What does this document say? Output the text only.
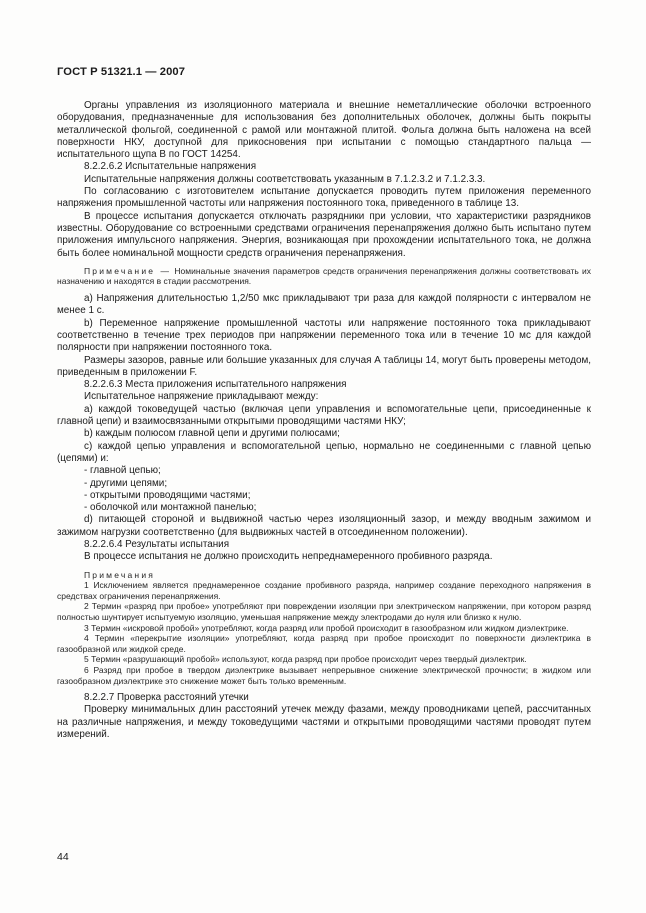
ГОСТ Р 51321.1 — 2007

Органы управления из изоляционного материала и внешние неметаллические оболочки встроенного оборудования, предназначенные для использования без дополнительных оболочек, должны быть покрыты металлической фольгой, соединенной с рамой или монтажной плитой. Фольга должна быть наложена на всей поверхности НКУ, доступной для прикосновения при испытании с помощью стандартного пальца — испытательного щупа В по ГОСТ 14254.

8.2.2.6.2 Испытательные напряжения

Испытательные напряжения должны соответствовать указанным в 7.1.2.3.2 и 7.1.2.3.3.

По согласованию с изготовителем испытание допускается проводить путем приложения переменного напряжения промышленной частоты или напряжения постоянного тока, приведенного в таблице 13.

В процессе испытания допускается отключать разрядники при условии, что характеристики разрядников известны. Оборудование со встроенными средствами ограничения перенапряжения должно быть испытано путем приложения импульсного напряжения. Энергия, возникающая при прохождении испытательного тока, не должна быть более номинальной мощности средств ограничения перенапряжения.

Примечание — Номинальные значения параметров средств ограничения перенапряжения должны соответствовать их назначению и находятся в стадии рассмотрения.

а) Напряжения длительностью 1,2/50 мкс прикладывают три раза для каждой полярности с интервалом не менее 1 с.

b) Переменное напряжение промышленной частоты или напряжение постоянного тока прикладывают соответственно в течение трех периодов при напряжении переменного тока или в течение 10 мс для каждой полярности при напряжении постоянного тока.

Размеры зазоров, равные или большие указанных для случая А таблицы 14, могут быть проверены методом, приведенным в приложении F.

8.2.2.6.3 Места приложения испытательного напряжения

Испытательное напряжение прикладывают между:

а) каждой токоведущей частью (включая цепи управления и вспомогательные цепи, присоединенные к главной цепи) и взаимосвязанными открытыми проводящими частями НКУ;

b) каждым полюсом главной цепи и другими полюсами;

с) каждой цепью управления и вспомогательной цепью, нормально не соединенными с главной цепью (цепями) и:

- главной цепью;

- другими цепями;

- открытыми проводящими частями;

- оболочкой или монтажной панелью;

d) питающей стороной и выдвижной частью через изоляционный зазор, и между вводным зажимом и зажимом нагрузки соответственно (для выдвижных частей в отсоединенном положении).

8.2.2.6.4 Результаты испытания

В процессе испытания не должно происходить непреднамеренного пробивного разряда.

Примечания

1 Исключением является преднамеренное создание пробивного разряда, например создание переходного напряжения в средствах ограничения перенапряжения.

2 Термин «разряд при пробое» употребляют при повреждении изоляции при электрическом напряжении, при котором разряд полностью шунтирует испытуемую изоляцию, уменьшая напряжение между электродами до нуля или близко к нулю.

3 Термин «искровой пробой» употребляют, когда разряд или пробой происходит в газообразном или жидком диэлектрике.

4 Термин «перекрытие изоляции» употребляют, когда разряд при пробое происходит по поверхности диэлектрика в газообразной или жидкой среде.

5 Термин «разрушающий пробой» используют, когда разряд при пробое происходит через твердый диэлектрик.

6 Разряд при пробое в твердом диэлектрике вызывает непрерывное снижение электрической прочности; в жидком или газообразном диэлектрике это снижение может быть только временным.

8.2.2.7 Проверка расстояний утечки

Проверку минимальных длин расстояний утечек между фазами, между проводниками цепей, рассчитанных на различные напряжения, и между токоведущими частями и открытыми проводящими частями проводят путем измерений.

44
